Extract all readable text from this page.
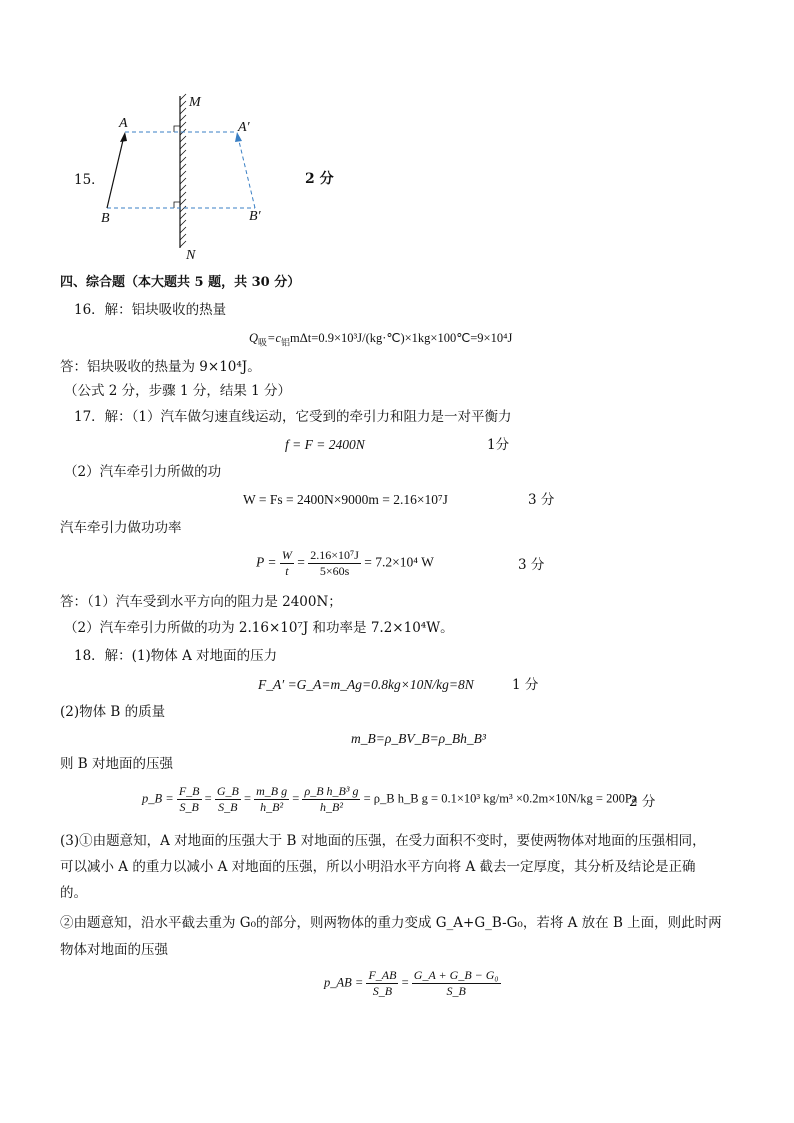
15．	2 分
A	A′
B	B′
M
N
四、综合题（本大题共 5 题，共 30 分）
16．解：铝块吸收的热量
$Q_吸=c_铝m\Delta t=0.9\times 10^3J/(kg\cdot℃)\times 1kg\times 100℃=9\times 10^4J$
答：铝块吸收的热量为 9×10⁴J。
（公式 2 分，步骤 1 分，结果 1 分）
17．解：（1）汽车做匀速直线运动，它受到的牵引力和阻力是一对平衡力
f = F = 2400N	1分
（2）汽车牵引力所做的功
W = Fs = 2400N×9000m = 2.16×10⁷J	3 分
汽车牵引力做功功率
$P = \frac{W}{t} = \frac{\text{2.16×10⁷J}}{5\times 60s} = 7.2\times 10^4$ W	3 分
答：（1）汽车受到水平方向的阻力是 2400N；
（2）汽车牵引力所做的功为 2.16×10⁷J 和功率是 7.2×10⁴W。
18．解：(1)物体 A 对地面的压力
F_A′ =G_A=m_Ag=0.8kg×10N/kg=8N	1 分
(2)物体 B 的质量
m_B=ρ_BV_B=ρ_Bh_B³
则 B 对地面的压强
p_B = $\frac{F\_B}{S\_B} = \frac{G\_B}{S\_B} = \frac{\text{m\_B g}}{\text{h\_B²}} = \frac{\text{ρ\_B h\_B³ g}}{\text{h\_B²}}$ = ρ_B h_B g = 0.1×10³ kg/m³ ×0.2m×10N/kg = 200Pa
2 分
(3)①由题意知，A 对地面的压强大于 B 对地面的压强，在受力面积不变时，要使两物体对地面的压强相同，
可以减小 A 的重力以减小 A 对地面的压强，所以小明沿水平方向将 A 截去一定厚度，其分析及结论是正确
的。
②由题意知，沿水平截去重为 G₀的部分，则两物体的重力变成 G_A+G_B-G₀，若将 A 放在 B 上面，则此时两
物体对地面的压强
p_AB = $\frac{F\_AB}{S\_B} = \frac{\text{G\_A + G\_B − G₀}}{S\_B}$
